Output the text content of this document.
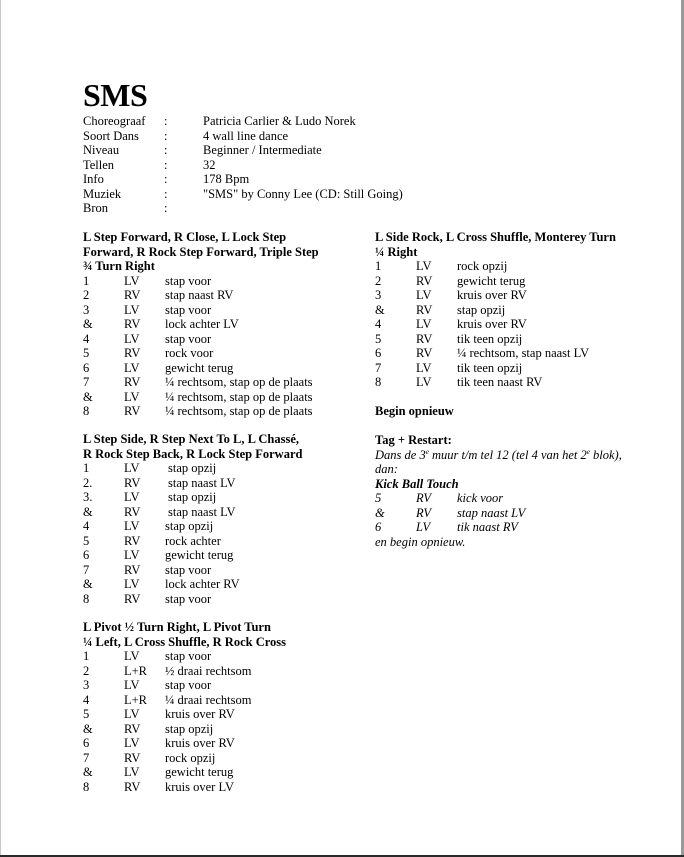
SMS
Choreograaf	:	Patricia Carlier & Ludo Norek
Soort Dans	:	4 wall line dance
Niveau	:	Beginner / Intermediate
Tellen	:	32
Info	:	178 Bpm
Muziek	:	"SMS" by Conny Lee (CD: Still Going)
Bron	:
L Step Forward, R Close, L Lock Step
Forward, R Rock Step Forward, Triple Step
¾ Turn Right
1	LV	stap voor
2	RV	stap naast RV
3	LV	stap voor
&	RV	lock achter LV
4	LV	stap voor
5	RV	rock voor
6	LV	gewicht terug
7	RV	¼ rechtsom, stap op de plaats
&	LV	¼ rechtsom, stap op de plaats
8	RV	¼ rechtsom, stap op de plaats
L Step Side, R Step Next To L, L Chassé,
R Rock Step Back, R Lock Step Forward
1	LV	stap opzij
2.	RV	stap naast LV
3.	LV	stap opzij
&	RV	stap naast LV
4	LV	stap opzij
5	RV	rock achter
6	LV	gewicht terug
7	RV	stap voor
&	LV	lock achter RV
8	RV	stap voor
L Pivot ½ Turn Right, L Pivot Turn
¼ Left, L Cross Shuffle, R Rock Cross
1	LV	stap voor
2	L+R	½ draai rechtsom
3	LV	stap voor
4	L+R	¼ draai rechtsom
5	LV	kruis over RV
&	RV	stap opzij
6	LV	kruis over RV
7	RV	rock opzij
&	LV	gewicht terug
8	RV	kruis over LV
L Side Rock, L Cross Shuffle, Monterey Turn
¼ Right
1	LV	rock opzij
2	RV	gewicht terug
3	LV	kruis over RV
&	RV	stap opzij
4	LV	kruis over RV
5	RV	tik teen opzij
6	RV	¼ rechtsom, stap naast LV
7	LV	tik teen opzij
8	LV	tik teen naast RV
Begin opnieuw
Tag + Restart:
Dans de 3e muur t/m tel 12 (tel 4 van het 2e blok),
dan:
Kick Ball Touch
5	RV	kick voor
&	RV	stap naast LV
6	LV	tik naast RV
en begin opnieuw.
